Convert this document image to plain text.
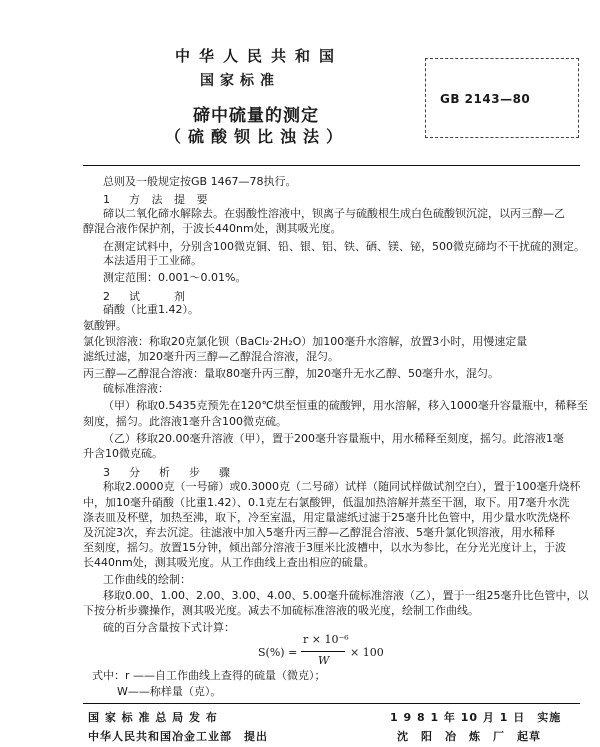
中华人民共和国
国家标准
碲中硫量的测定
（硫酸钡比浊法）
GB 2143—80
总则及一般规定按GB 1467—78执行。
1　方 法 提 要
碲以二氧化碲水解除去。在弱酸性溶液中，钡离子与硫酸根生成白色硫酸钡沉淀，以丙三醇—乙
醇混合液作保护剂，于波长440nm处，测其吸光度。
在测定试料中，分别含100微克铜、铅、银、铝、铁、硒、镁、铋，500微克碲均不干扰硫的测定。
本法适用于工业碲。
测定范围：0.001～0.01%。
2　试　　剂
硝酸（比重1.42）。
氨酸钾。
氯化钡溶液：称取20克氯化钡（BaCl₂·2H₂O）加100毫升水溶解，放置3小时，用慢速定量
滤纸过滤，加20毫升丙三醇—乙醇混合溶液，混匀。
丙三醇—乙醇混合溶液：量取80毫升丙三醇，加20毫升无水乙醇、50毫升水，混匀。
硫标准溶液：
（甲）称取0.5435克预先在120℃烘至恒重的硫酸钾，用水溶解，移入1000毫升容量瓶中，稀释至
刻度，摇匀。此溶液1毫升含100微克硫。
（乙）移取20.00毫升溶液（甲），置于200毫升容量瓶中，用水稀释至刻度，摇匀。此溶液1毫
升含10微克硫。
3　分　析　步　骤
称取2.0000克（一号碲）或0.3000克（二号碲）试样（随同试样做试剂空白），置于100毫升烧杯
中，加10毫升硝酸（比重1.42）、0.1克左右氯酸钾，低温加热溶解并蒸至干涸，取下。用7毫升水洗
涤表皿及杯壁，加热至沸，取下，冷至室温，用定量滤纸过滤于25毫升比色管中，用少量水吹洗烧杯
及沉淀3次，弃去沉淀。往滤液中加入5毫升丙三醇—乙醇混合溶液、5毫升氯化钡溶液，用水稀释
至刻度，摇匀。放置15分钟，倾出部分溶液于3厘米比波槽中，以水为参比，在分光光度计上，于波
长440nm处，测其吸光度。从工作曲线上查出相应的硫量。
工作曲线的绘制：
移取0.00、1.00、2.00、3.00、4.00、5.00毫升硫标准溶液（乙），置于一组25毫升比色管中，以
下按分析步骤操作，测其吸光度。减去不加硫标准溶液的吸光度，绘制工作曲线。
硫的百分含量按下式计算：
S(%) =
r × 10⁻⁶
W
× 100
式中： r ——自工作曲线上查得的硫量（微克）；
W——称样量（克）。
国 家 标 准 总 局 发 布	1 9 8 1 年 10 月 1 日　实施
中华人民共和国冶金工业部　提出	沈　阳　冶　炼　厂　起草
